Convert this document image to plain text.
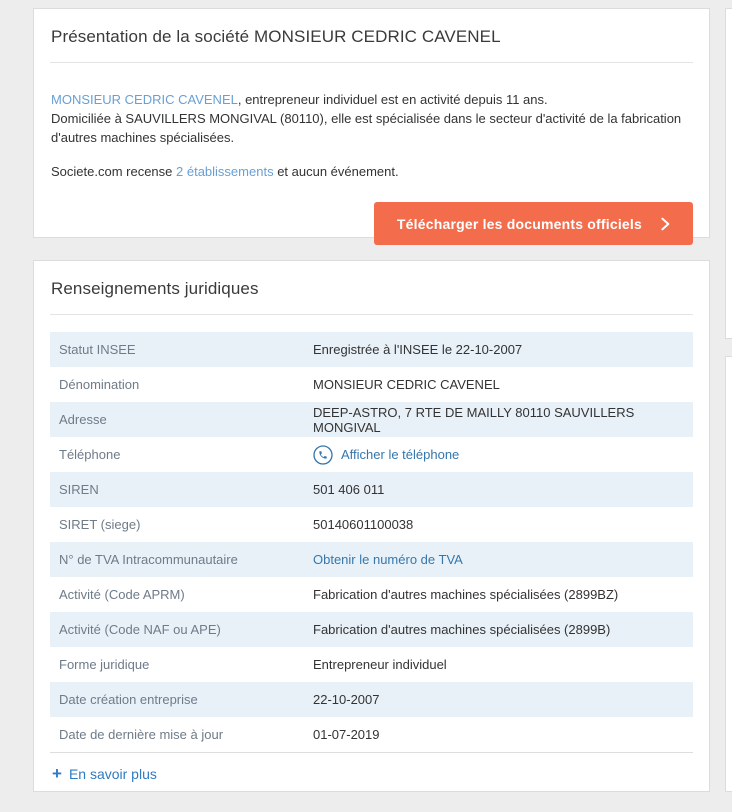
Présentation de la société MONSIEUR CEDRIC CAVENEL

MONSIEUR CEDRIC CAVENEL, entrepreneur individuel est en activité depuis 11 ans.
Domiciliée à SAUVILLERS MONGIVAL (80110), elle est spécialisée dans le secteur d'activité de la fabrication d'autres machines spécialisées.

Societe.com recense 2 établissements et aucun événement.

Télécharger les documents officiels
Renseignements juridiques
Statut INSEE	Enregistrée à l'INSEE le 22-10-2007
Dénomination	MONSIEUR CEDRIC CAVENEL
Adresse	DEEP-ASTRO, 7 RTE DE MAILLY 80110 SAUVILLERS MONGIVAL
Téléphone	Afficher le téléphone
SIREN	501 406 011
SIRET (siege)	50140601100038
N° de TVA Intracommunautaire	Obtenir le numéro de TVA
Activité (Code APRM)	Fabrication d'autres machines spécialisées (2899BZ)
Activité (Code NAF ou APE)	Fabrication d'autres machines spécialisées (2899B)
Forme juridique	Entrepreneur individuel
Date création entreprise	22-10-2007
Date de dernière mise à jour	01-07-2019
+ En savoir plus
